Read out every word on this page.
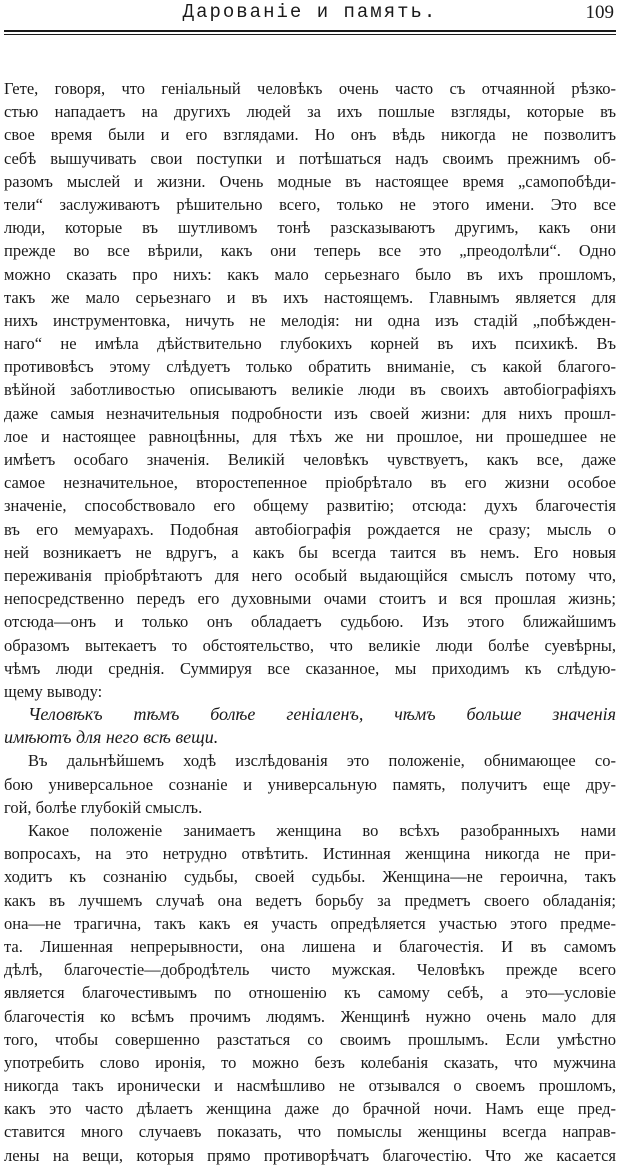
Дарованіе и память.	109
Гете, говоря, что геніальный человѣкъ очень часто съ отчаянной рѣзко-
стью нападаетъ на другихъ людей за ихъ пошлые взгляды, которые въ
свое время были и его взглядами. Но онъ вѣдь никогда не позволитъ
себѣ вышучивать свои поступки и потѣшаться надъ своимъ прежнимъ об-
разомъ мыслей и жизни. Очень модные въ настоящее время „самопобѣди-
тели“ заслуживаютъ рѣшительно всего, только не этого имени. Это все
люди, которые въ шутливомъ тонѣ разсказываютъ другимъ, какъ они
прежде во все вѣрили, какъ они теперь все это „преодолѣли“. Одно
можно сказать про нихъ: какъ мало серьезнаго было въ ихъ прошломъ,
такъ же мало серьезнаго и въ ихъ настоящемъ. Главнымъ является для
нихъ инструментовка, ничуть не мелодія: ни одна изъ стадій „побѣжден-
наго“ не имѣла дѣйствительно глубокихъ корней въ ихъ психикѣ. Въ
противовѣсъ этому слѣдуетъ только обратить вниманіе, съ какой благого-
вѣйной заботливостью описываютъ великіе люди въ своихъ автобіографіяхъ
даже самыя незначительныя подробности изъ своей жизни: для нихъ прошл-
лое и настоящее равноцѣнны, для тѣхъ же ни прошлое, ни прошедшее не
имѣетъ особаго значенія. Великій человѣкъ чувствуетъ, какъ все, даже
самое незначительное, второстепенное пріобрѣтало въ его жизни особое
значеніе, способствовало его общему развитію; отсюда: духъ благочестія
въ его мемуарахъ. Подобная автобіографія рождается не сразу; мысль о
ней возникаетъ не вдругъ, а какъ бы всегда таится въ немъ. Его новыя
переживанія пріобрѣтаютъ для него особый выдающійся смыслъ потому что,
непосредственно передъ его духовными очами стоитъ и вся прошлая жизнь;
отсюда—онъ и только онъ обладаетъ судьбою. Изъ этого ближайшимъ
образомъ вытекаетъ то обстоятельство, что великіе люди болѣе суевѣрны,
чѣмъ люди среднія. Суммируя все сказанное, мы приходимъ къ слѣдую-
щему выводу:
Человѣкъ тѣмъ болѣе геніаленъ, чѣмъ больше значенія
имѣютъ для него всѣ вещи.
Въ дальнѣйшемъ ходѣ изслѣдованія это положеніе, обнимающее со-
бою универсальное сознаніе и универсальную память, получитъ еще дру-
гой, болѣе глубокій смыслъ.
Какое положеніе занимаетъ женщина во всѣхъ разобранныхъ нами
вопросахъ, на это нетрудно отвѣтить. Истинная женщина никогда не при-
ходитъ къ сознанію судьбы, своей судьбы. Женщина—не героична, такъ
какъ въ лучшемъ случаѣ она ведетъ борьбу за предметъ своего обладанія;
она—не трагична, такъ какъ ея участь опредѣляется участью этого предме-
та. Лишенная непрерывности, она лишена и благочестія. И въ самомъ
дѣлѣ, благочестіе—добродѣтель чисто мужская. Человѣкъ прежде всего
является благочестивымъ по отношенію къ самому себѣ, а это—условіе
благочестія ко всѣмъ прочимъ людямъ. Женщинѣ нужно очень мало для
того, чтобы совершенно разстаться со своимъ прошлымъ. Если умѣстно
употребить слово иронія, то можно безъ колебанія сказать, что мужчина
никогда такъ иронически и насмѣшливо не отзывался о своемъ прошломъ,
какъ это часто дѣлаетъ женщина даже до брачной ночи. Намъ еще пред-
ставится много случаевъ показать, что помыслы женщины всегда направ-
лены на вещи, которыя прямо противорѣчатъ благочестію. Что же касается
